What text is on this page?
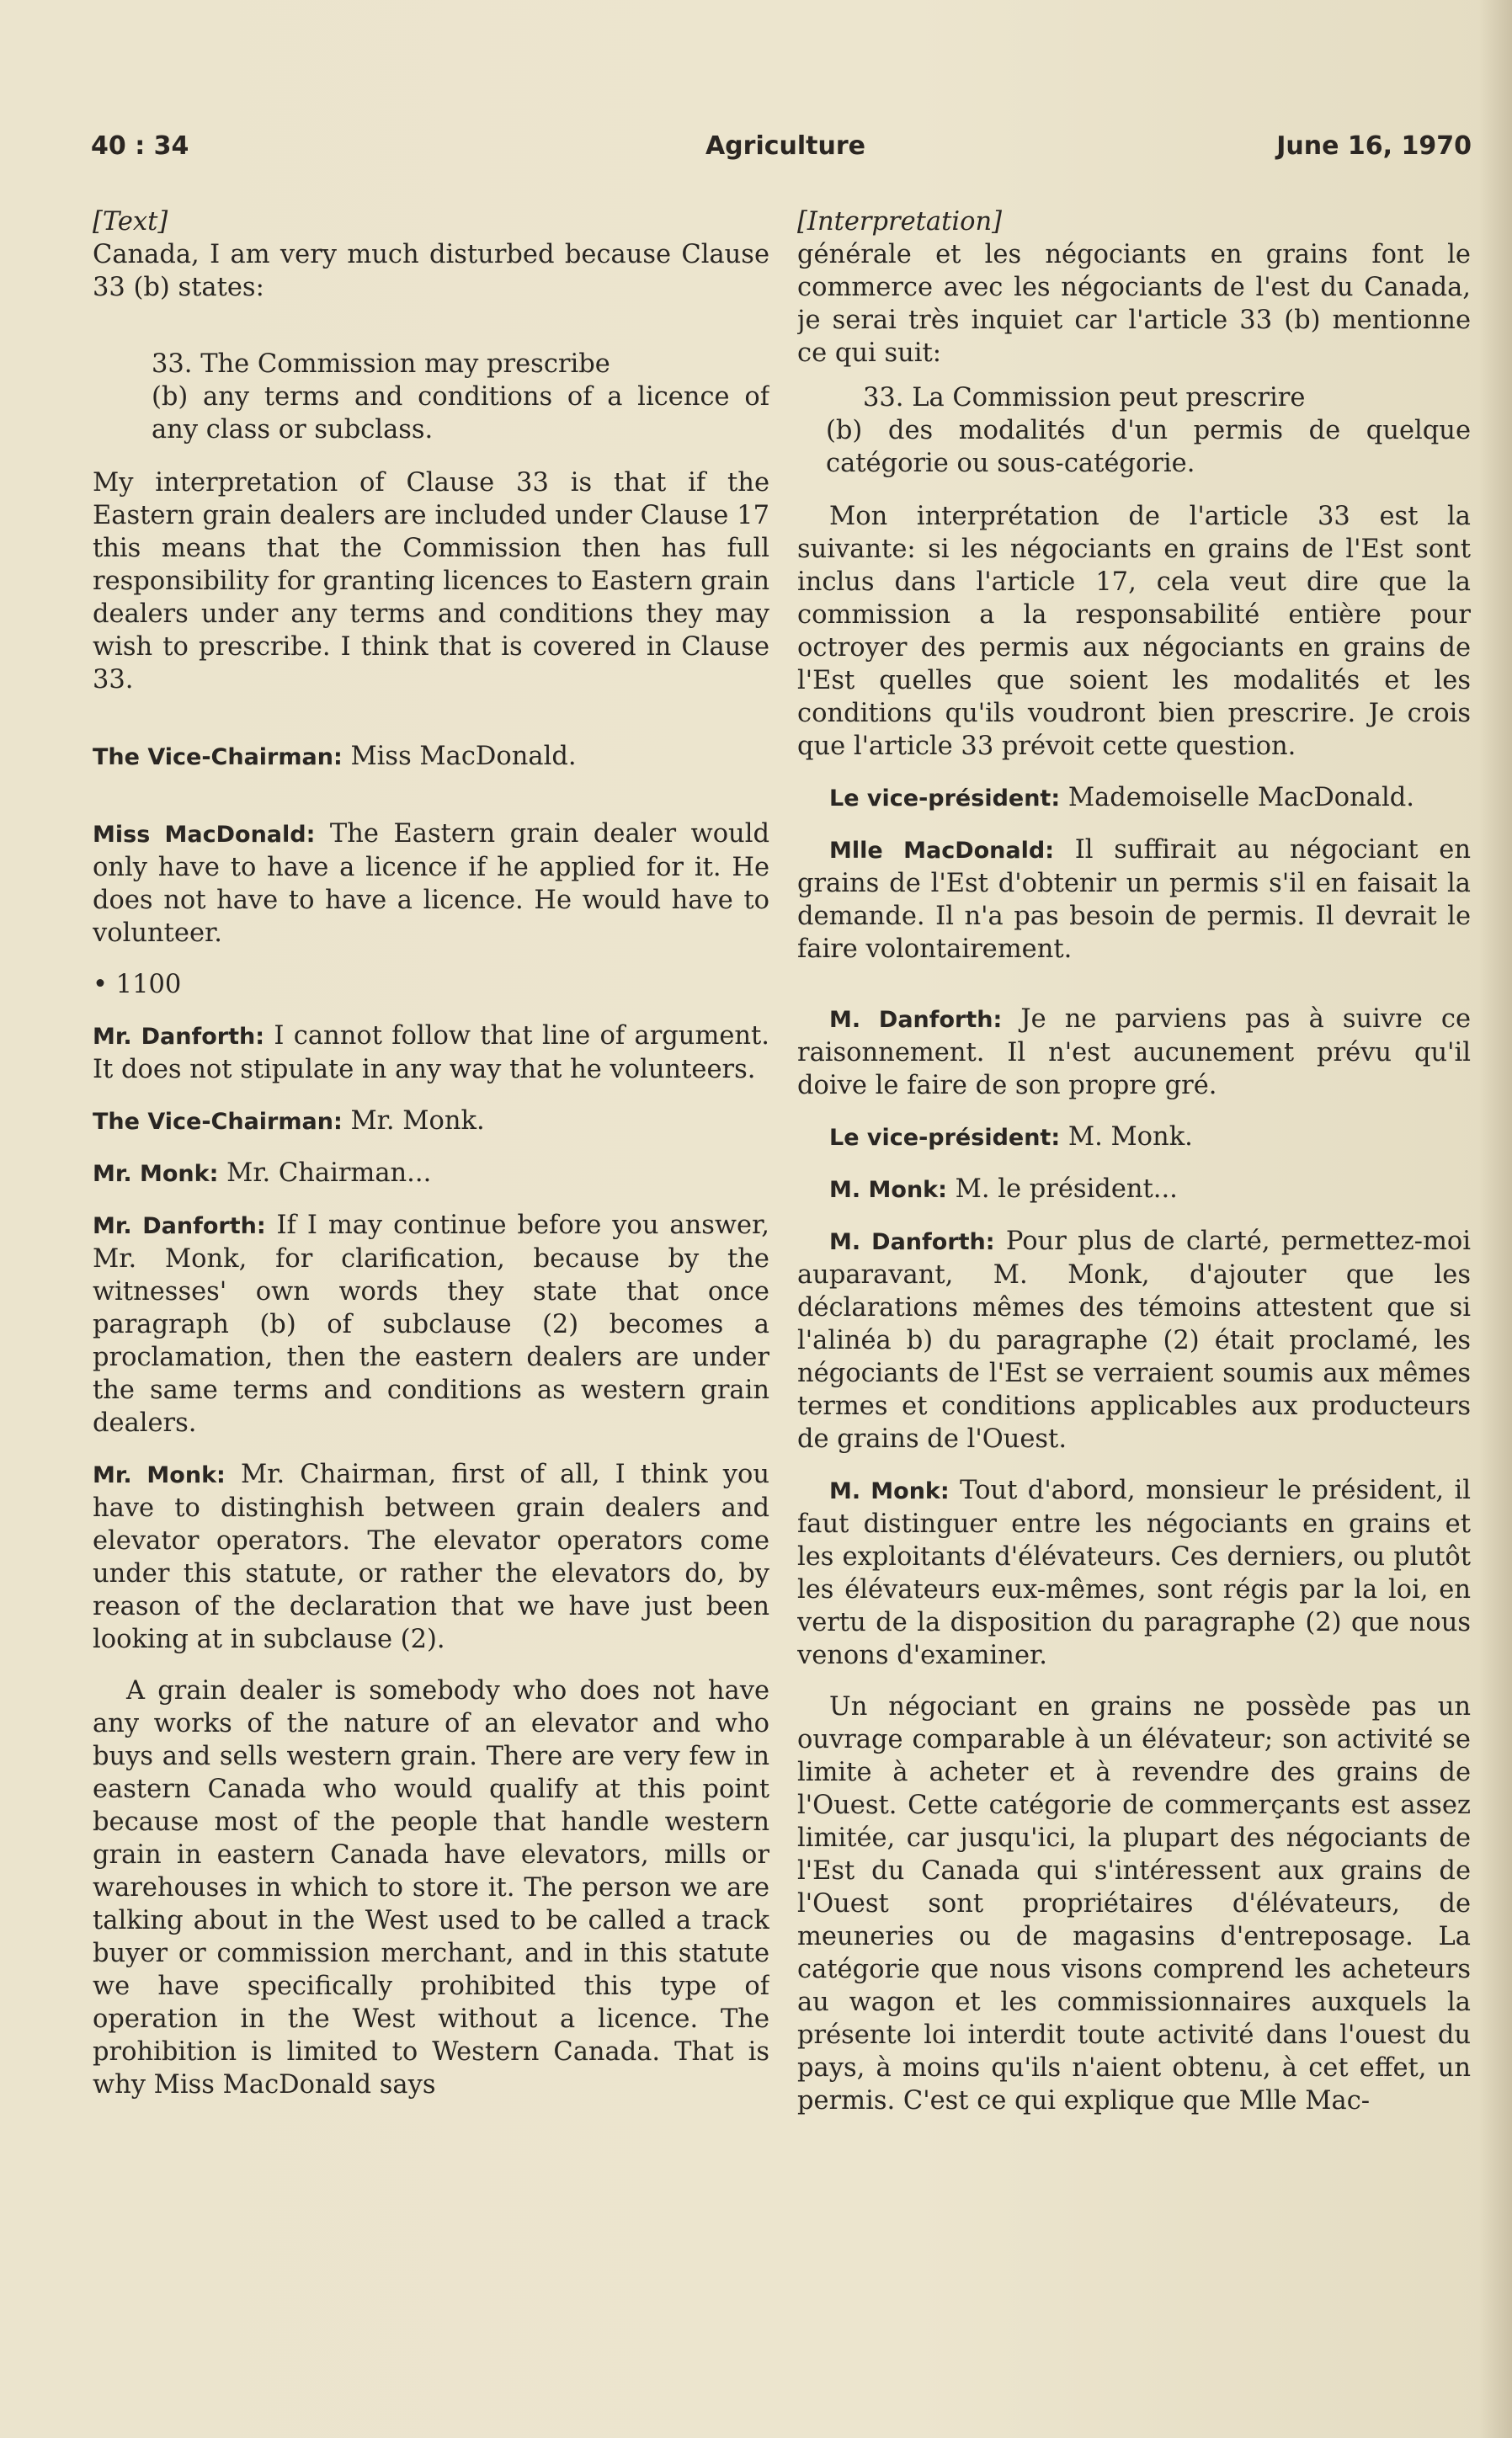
40 : 34	Agriculture	June 16, 1970

[Text]

Canada, I am very much disturbed because Clause 33 (b) states:

33. The Commission may prescribe
(b) any terms and conditions of a licence of any class or subclass.

My interpretation of Clause 33 is that if the Eastern grain dealers are included under Clause 17 this means that the Commission then has full responsibility for granting licences to Eastern grain dealers under any terms and conditions they may wish to prescribe. I think that is covered in Clause 33.

The Vice-Chairman: Miss MacDonald.

Miss MacDonald: The Eastern grain dealer would only have to have a licence if he applied for it. He does not have to have a licence. He would have to volunteer.

• 1100

Mr. Danforth: I cannot follow that line of argument. It does not stipulate in any way that he volunteers.

The Vice-Chairman: Mr. Monk.

Mr. Monk: Mr. Chairman...

Mr. Danforth: If I may continue before you answer, Mr. Monk, for clarification, because by the witnesses' own words they state that once paragraph (b) of subclause (2) becomes a proclamation, then the eastern dealers are under the same terms and conditions as western grain dealers.

Mr. Monk: Mr. Chairman, first of all, I think you have to distinghish between grain dealers and elevator operators. The elevator operators come under this statute, or rather the elevators do, by reason of the declaration that we have just been looking at in subclause (2).

A grain dealer is somebody who does not have any works of the nature of an elevator and who buys and sells western grain. There are very few in eastern Canada who would qualify at this point because most of the people that handle western grain in eastern Canada have elevators, mills or warehouses in which to store it. The person we are talking about in the West used to be called a track buyer or commission merchant, and in this statute we have specifically prohibited this type of operation in the West without a licence. The prohibition is limited to Western Canada. That is why Miss MacDonald says

[Interpretation]

générale et les négociants en grains font le commerce avec les négociants de l'est du Canada, je serai très inquiet car l'article 33 (b) mentionne ce qui suit:

33. La Commission peut prescrire
(b) des modalités d'un permis de quelque catégorie ou sous-catégorie.

Mon interprétation de l'article 33 est la suivante: si les négociants en grains de l'Est sont inclus dans l'article 17, cela veut dire que la commission a la responsabilité entière pour octroyer des permis aux négociants en grains de l'Est quelles que soient les modalités et les conditions qu'ils voudront bien prescrire. Je crois que l'article 33 prévoit cette question.

Le vice-président: Mademoiselle MacDonald.

Mlle MacDonald: Il suffirait au négociant en grains de l'Est d'obtenir un permis s'il en faisait la demande. Il n'a pas besoin de permis. Il devrait le faire volontairement.

M. Danforth: Je ne parviens pas à suivre ce raisonnement. Il n'est aucunement prévu qu'il doive le faire de son propre gré.

Le vice-président: M. Monk.

M. Monk: M. le président...

M. Danforth: Pour plus de clarté, permettez-moi auparavant, M. Monk, d'ajouter que les déclarations mêmes des témoins attestent que si l'alinéa b) du paragraphe (2) était proclamé, les négociants de l'Est se verraient soumis aux mêmes termes et conditions applicables aux producteurs de grains de l'Ouest.

M. Monk: Tout d'abord, monsieur le président, il faut distinguer entre les négociants en grains et les exploitants d'élévateurs. Ces derniers, ou plutôt les élévateurs eux-mêmes, sont régis par la loi, en vertu de la disposition du paragraphe (2) que nous venons d'examiner.

Un négociant en grains ne possède pas un ouvrage comparable à un élévateur; son activité se limite à acheter et à revendre des grains de l'Ouest. Cette catégorie de commerçants est assez limitée, car jusqu'ici, la plupart des négociants de l'Est du Canada qui s'intéressent aux grains de l'Ouest sont propriétaires d'élévateurs, de meuneries ou de magasins d'entreposage. La catégorie que nous visons comprend les acheteurs au wagon et les commissionnaires auxquels la présente loi interdit toute activité dans l'ouest du pays, à moins qu'ils n'aient obtenu, à cet effet, un permis. C'est ce qui explique que Mlle Mac-
